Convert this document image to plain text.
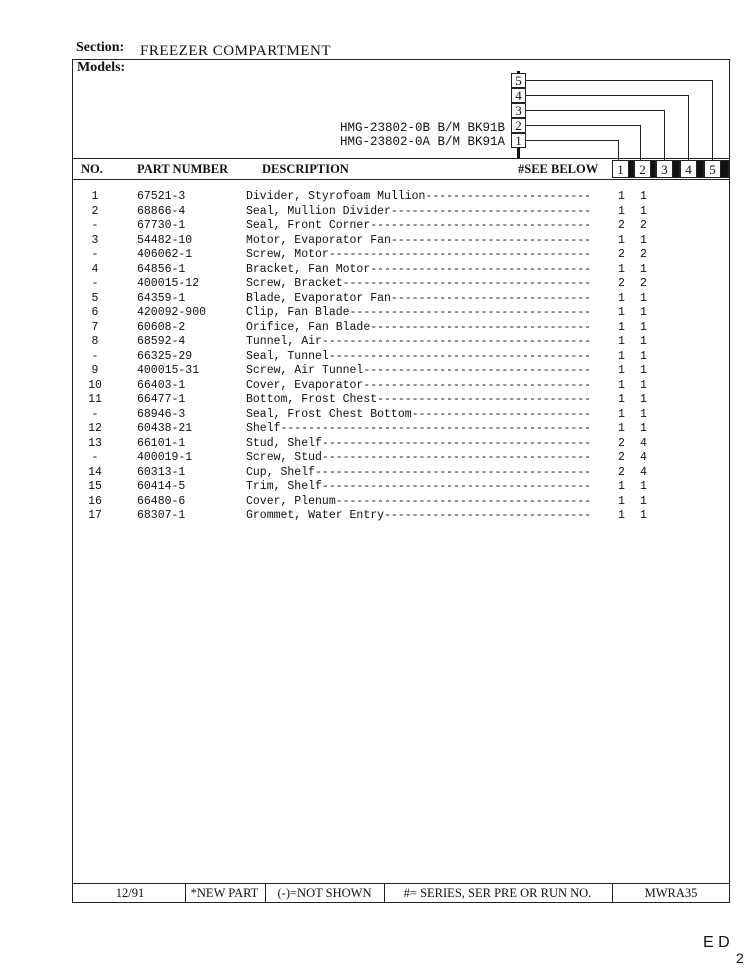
Section: FREEZER COMPARTMENT
Models:
HMG-23802-0B B/M BK91B
HMG-23802-0A B/M BK91A
5
4
3
2
1
NO.	PART NUMBER	DESCRIPTION	#SEE BELOW	1	2	3	4	5
1	67521-3	Divider, Styrofoam Mullion------------------------ 1 1
2	68866-4	Seal, Mullion Divider----------------------------- 1 1
-	67730-1	Seal, Front Corner-------------------------------- 2 2
3	54482-10	Motor, Evaporator Fan----------------------------- 1 1
-	406062-1	Screw, Motor-------------------------------------- 2 2
4	64856-1	Bracket, Fan Motor-------------------------------- 1 1
-	400015-12	Screw, Bracket------------------------------------ 2 2
5	64359-1	Blade, Evaporator Fan----------------------------- 1 1
6	420092-900	Clip, Fan Blade----------------------------------- 1 1
7	60608-2	Orifice, Fan Blade-------------------------------- 1 1
8	68592-4	Tunnel, Air--------------------------------------- 1 1
-	66325-29	Seal, Tunnel-------------------------------------- 1 1
9	400015-31	Screw, Air Tunnel--------------------------------- 1 1
10	66403-1	Cover, Evaporator--------------------------------- 1 1
11	66477-1	Bottom, Frost Chest------------------------------- 1 1
-	68946-3	Seal, Frost Chest Bottom-------------------------- 1 1
12	60438-21	Shelf--------------------------------------------- 1 1
13	66101-1	Stud, Shelf--------------------------------------- 2 4
-	400019-1	Screw, Stud--------------------------------------- 2 4
14	60313-1	Cup, Shelf---------------------------------------- 2 4
15	60414-5	Trim, Shelf--------------------------------------- 1 1
16	66480-6	Cover, Plenum------------------------------------- 1 1
17	68307-1	Grommet, Water Entry------------------------------ 1 1
12/91	*NEW PART	(-)=NOT SHOWN	#= SERIES, SER PRE OR RUN NO.	MWRA35
E D
2
